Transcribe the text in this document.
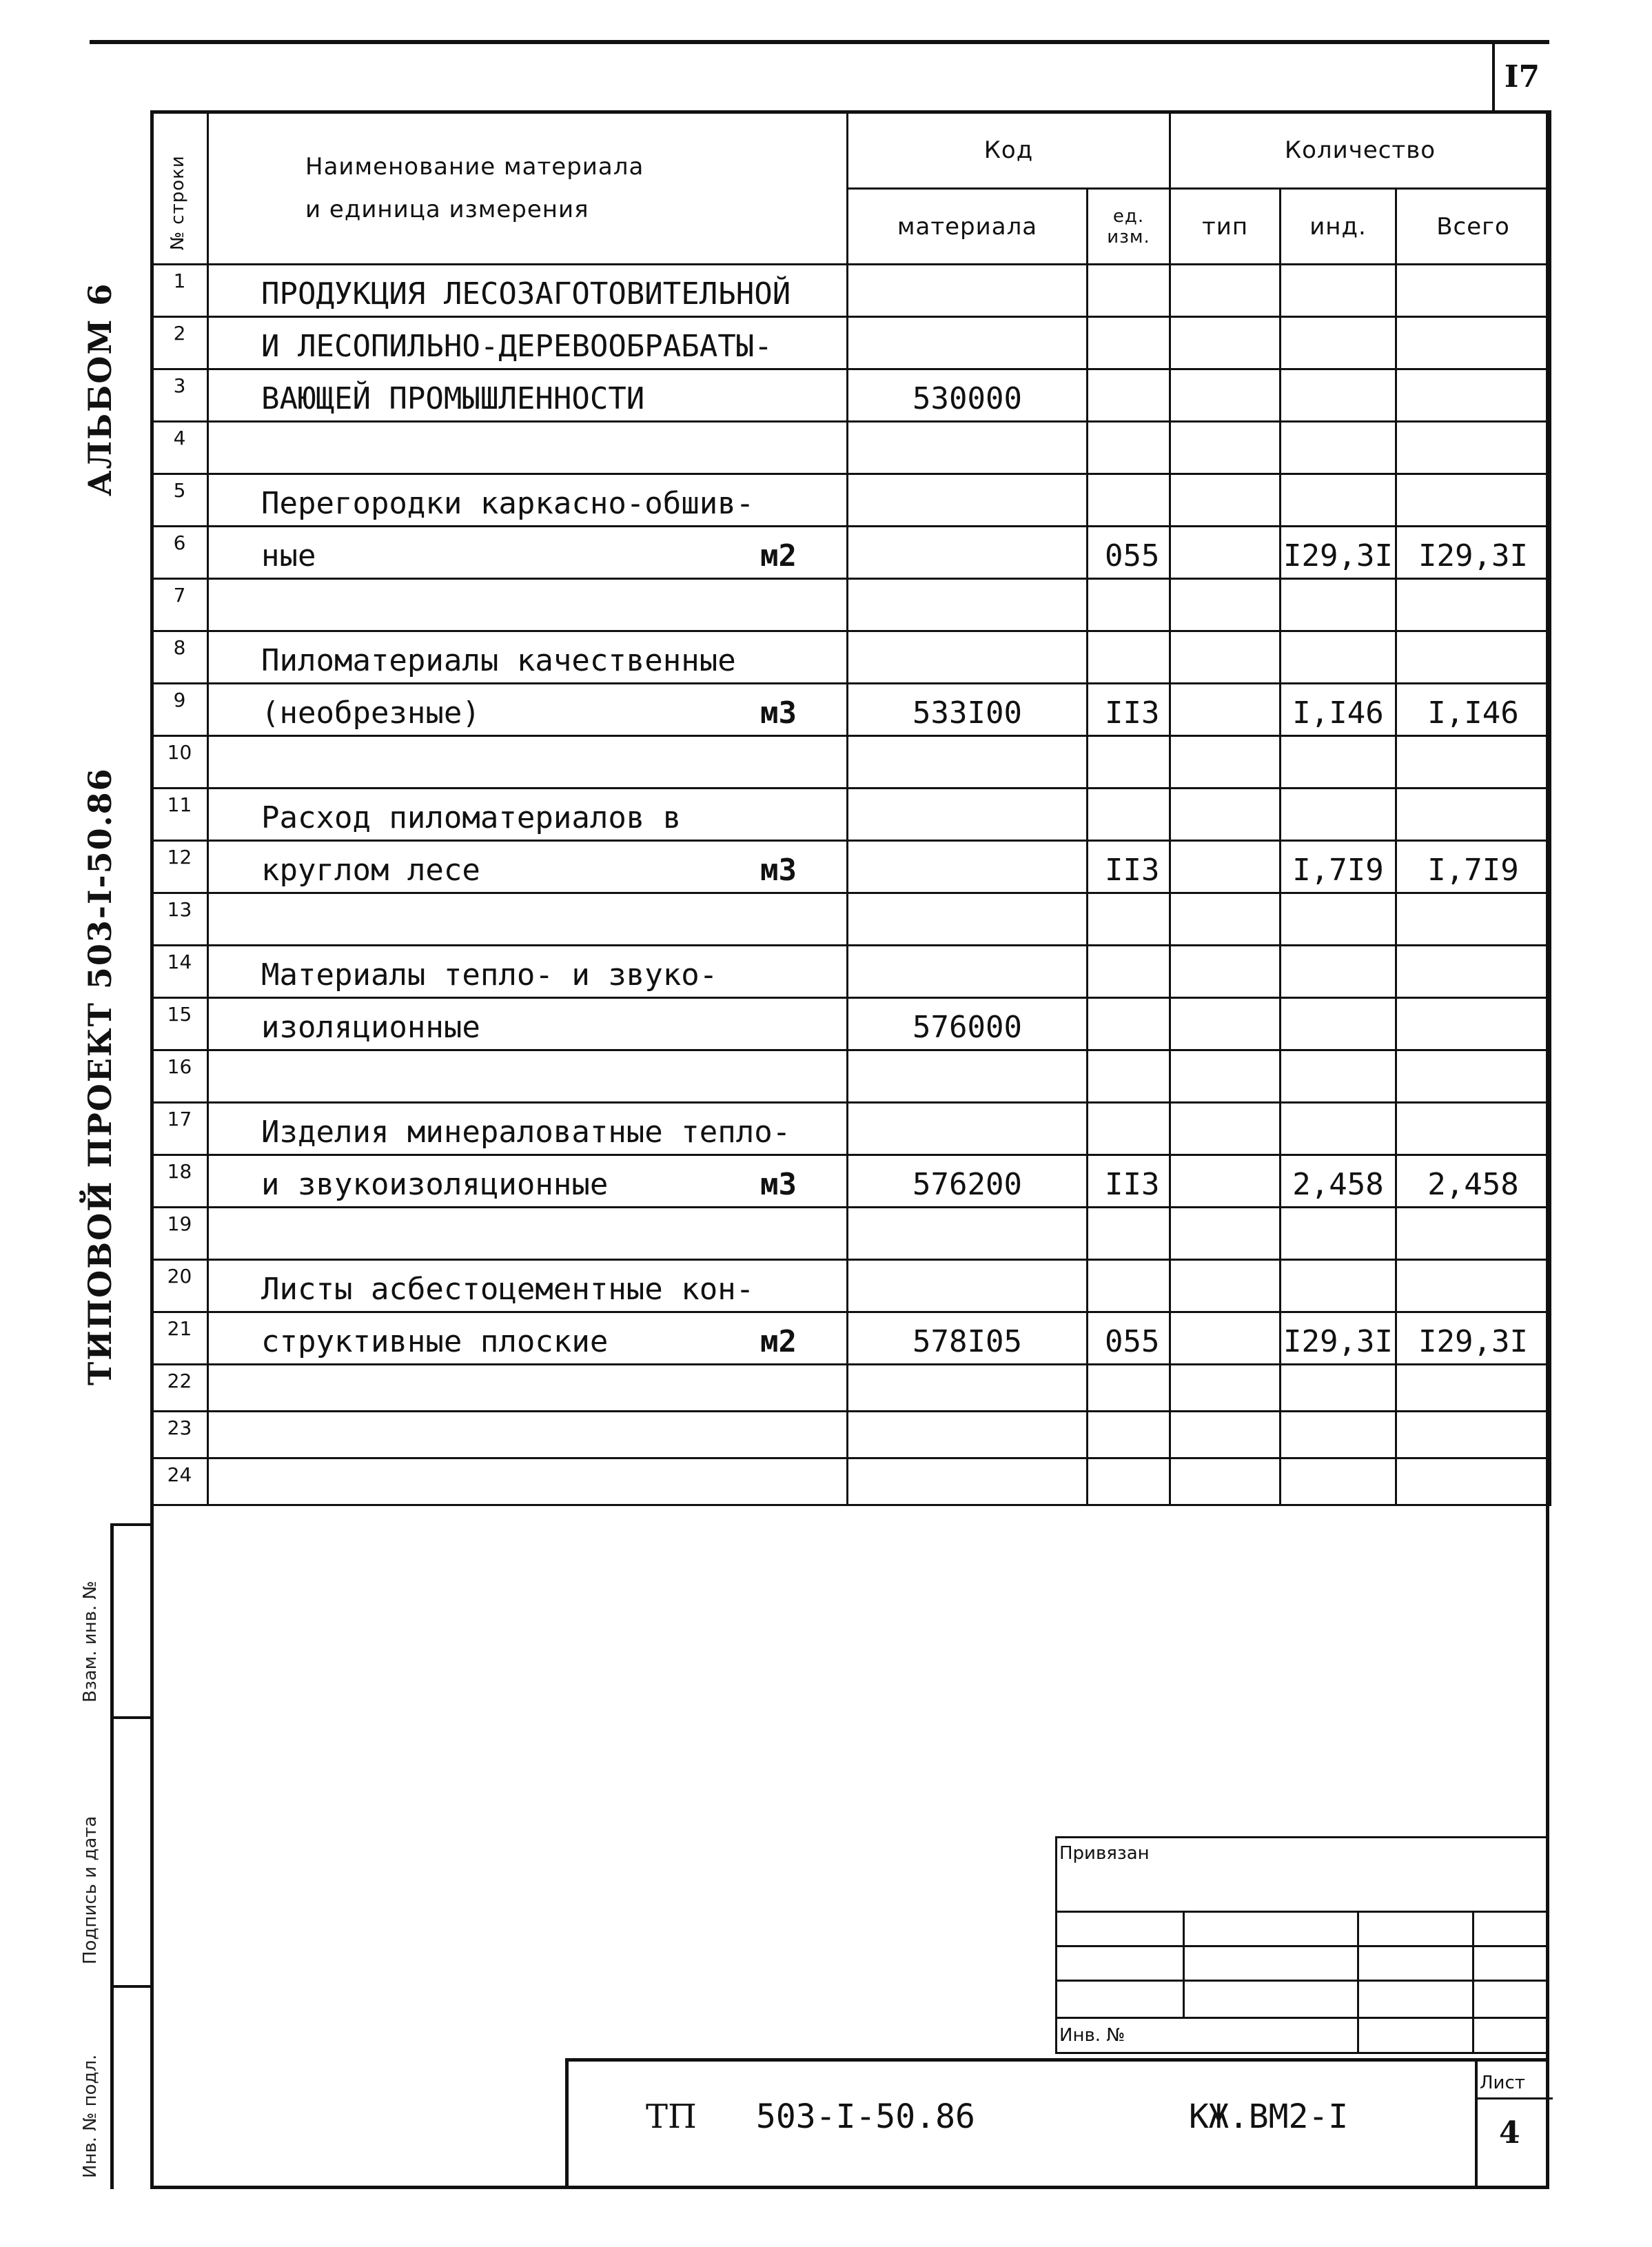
I7
АЛЬБОМ 6
ТИПОВОЙ ПРОЕКТ 503-I-50.86
Взам. инв. №
Подпись и дата
Инв. № подл.
№ строки	Наименование материала
и единица измерения	Код		Количество		
		материала	ед. изм.	тип	инд.	Всего
1	ПРОДУКЦИЯ ЛЕСОЗАГОТОВИТЕЛЬНОЙ					
2	И ЛЕСОПИЛЬНО-ДЕРЕВООБРАБАТЫ-					
3	ВАЮЩЕЙ ПРОМЫШЛЕННОСТИ	530000				
4						
5	Перегородки каркасно-обшив-					
6	ные м2		055		I29,3I	I29,3I
7						
8	Пиломатериалы качественные					
9	(необрезные) м3	533I00	II3		I,I46	I,I46
10						
11	Расход пиломатериалов в					
12	круглом лесе м3		II3		I,7I9	I,7I9
13						
14	Материалы тепло- и звуко-					
15	изоляционные	576000				
16						
17	Изделия минераловатные тепло-					
18	и звукоизоляционные м3	576200	II3		2,458	2,458
19						
20	Листы асбестоцементные кон-					
21	структивные плоские м2	578I05	055		I29,3I	I29,3I
22						
23						
24						
Привязан
Инв. №
ТП 503-I-50.86	КЖ.ВМ2-I
Лист
4
